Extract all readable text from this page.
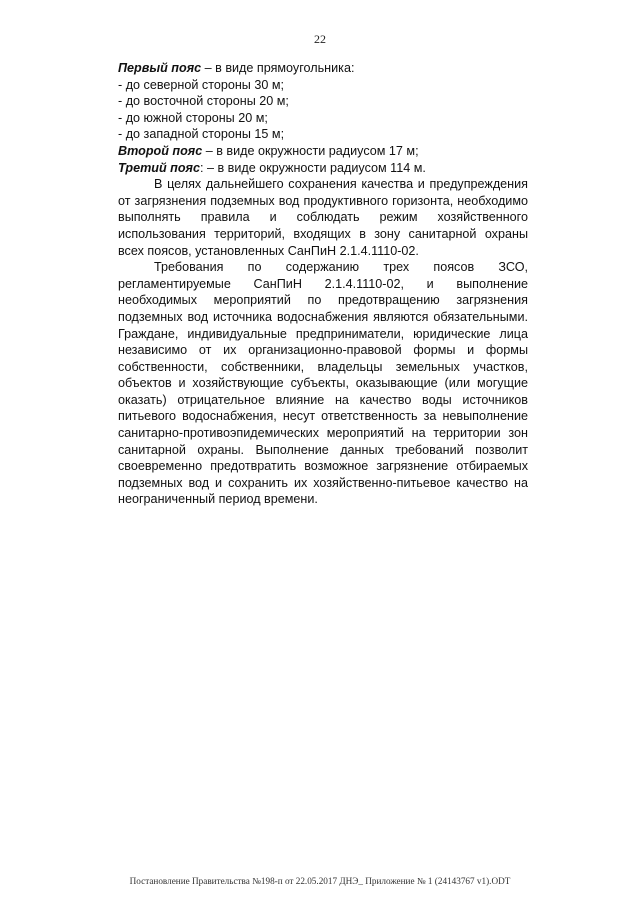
22

Первый пояс – в виде прямоугольника:

- до северной стороны 30 м;

- до восточной стороны 20 м;

- до южной стороны 20 м;

- до западной стороны 15 м;

Второй пояс – в виде окружности радиусом 17 м;

Третий пояс: – в виде окружности радиусом 114 м.

В целях дальнейшего сохранения качества и предупреждения от загрязнения подземных вод продуктивного горизонта, необходимо выполнять правила и соблюдать режим хозяйственного использования территорий, входящих в зону санитарной охраны всех поясов, установленных СанПиН 2.1.4.1110-02.

Требования по содержанию трех поясов ЗСО, регламентируемые СанПиН 2.1.4.1110-02, и выполнение необходимых мероприятий по предотвращению загрязнения подземных вод источника водоснабжения являются обязательными. Граждане, индивидуальные предприниматели, юридические лица независимо от их организационно-правовой формы и формы собственности, собственники, владельцы земельных участков, объектов и хозяйствующие субъекты, оказывающие (или могущие оказать) отрицательное влияние на качество воды источников питьевого водоснабжения, несут ответственность за невыполнение санитарно-противоэпидемических мероприятий на территории зон санитарной охраны. Выполнение данных требований позволит своевременно предотвратить возможное загрязнение отбираемых подземных вод и сохранить их хозяйственно-питьевое качество на неограниченный период времени.

Постановление Правительства №198-п от 22.05.2017 ДНЭ_ Приложение № 1 (24143767 v1).ODT
